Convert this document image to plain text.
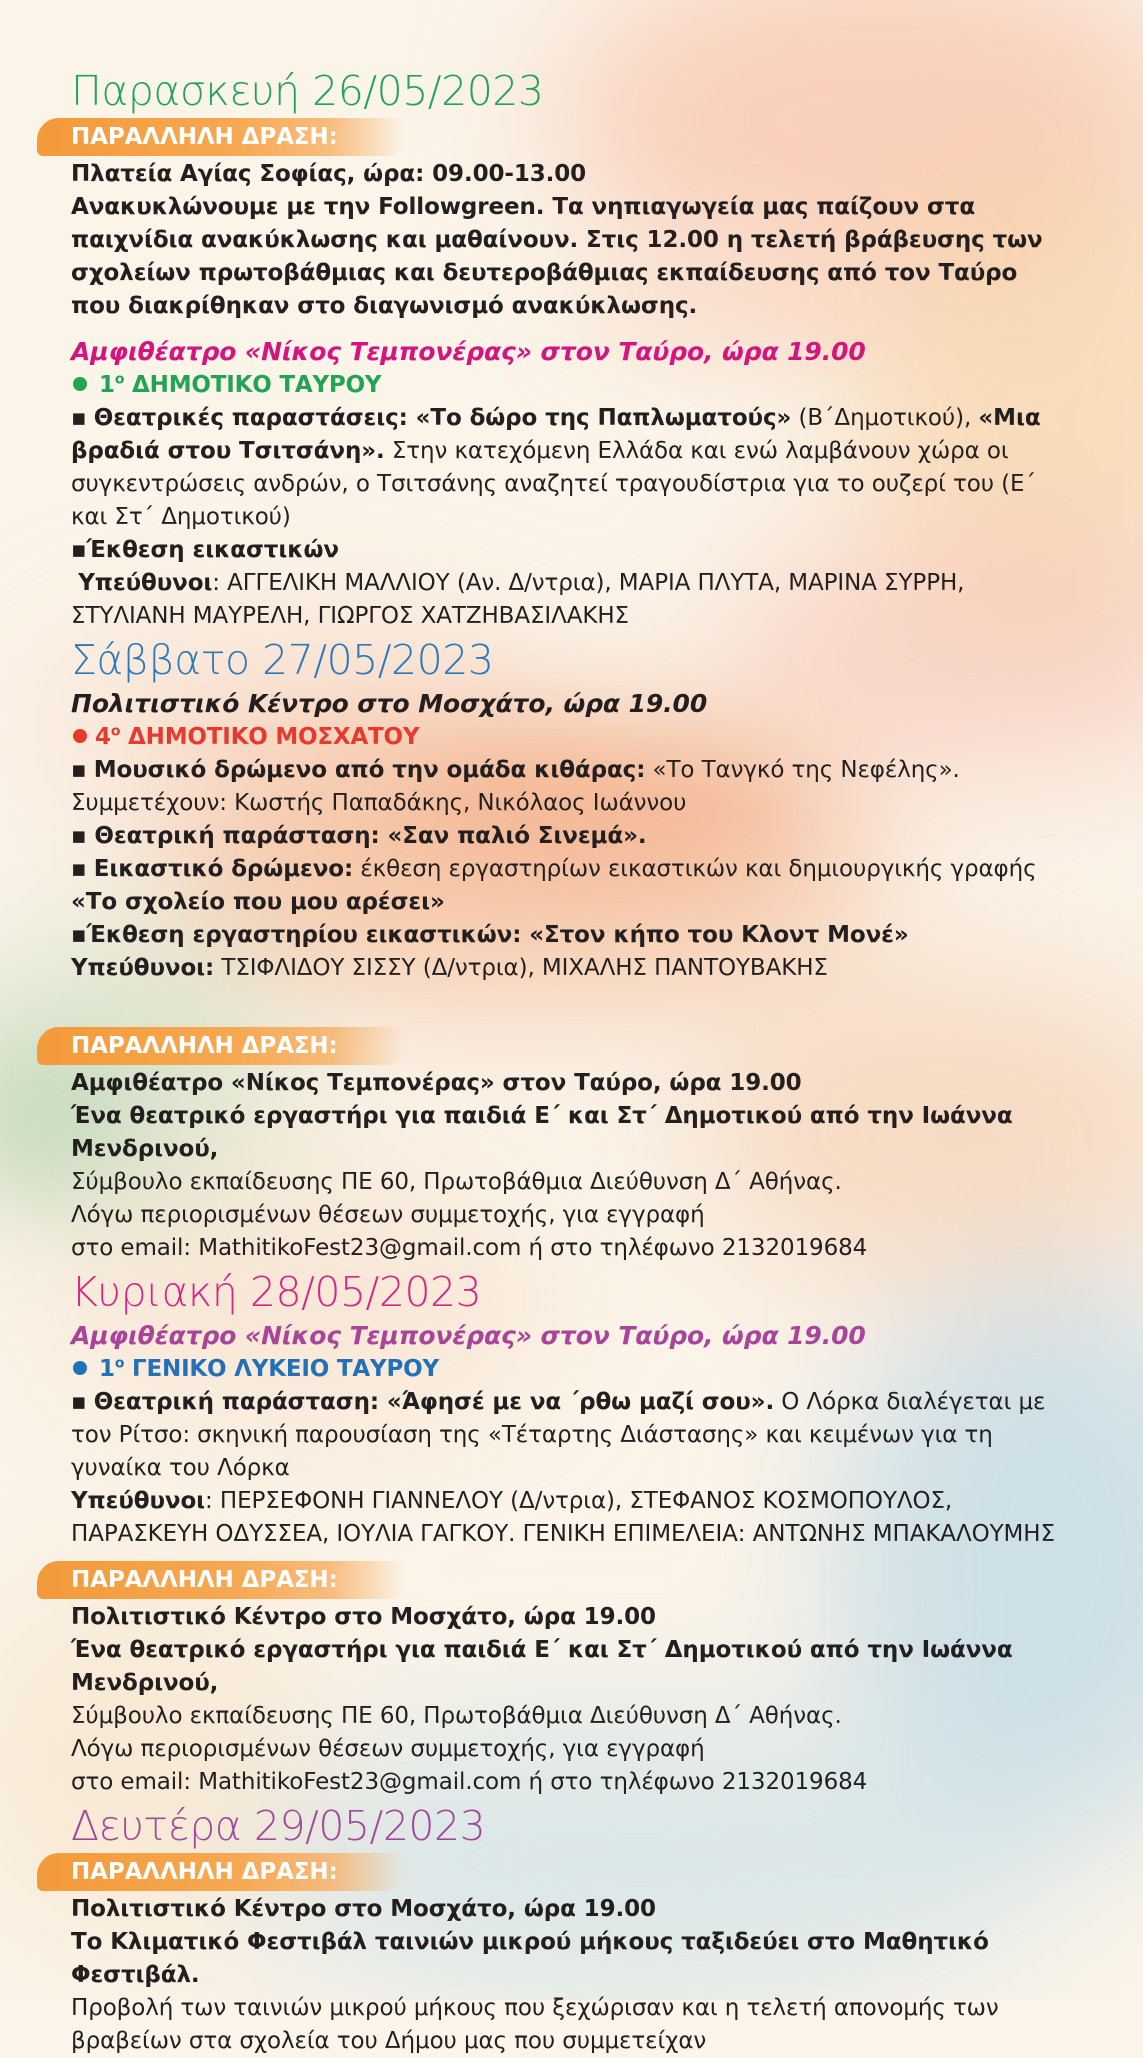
Παρασκευή 26/05/2023
ΠΑΡΑΛΛΗΛΗ ΔΡΑΣΗ:

Πλατεία Αγίας Σοφίας, ώρα: 09.00-13.00

Ανακυκλώνουμε με την Followgreen. Τα νηπιαγωγεία μας παίζουν στα παιχνίδια ανακύκλωσης και μαθαίνουν. Στις 12.00 η τελετή βράβευσης των σχολείων πρωτοβάθμιας και δευτεροβάθμιας εκπαίδευσης από τον Ταύρο που διακρίθηκαν στο διαγωνισμό ανακύκλωσης.

Αμφιθέατρο «Νίκος Τεμπονέρας» στον Ταύρο, ώρα 19.00
$1^o$ ΔΗΜΟΤΙΚΟ ΤΑΥΡΟΥ

▪ Θεατρικές παραστάσεις: «Το δώρο της Παπλωματούς» (Β΄Δημοτικού), «Μια βραδιά στου Τσιτσάνη». Στην κατεχόμενη Ελλάδα και ενώ λαμβάνουν χώρα οι συγκεντρώσεις ανδρών, ο Τσιτσάνης αναζητεί τραγουδίστρια για το ουζερί του (Ε΄ και Στ΄ Δημοτικού)

▪Έκθεση εικαστικών

Υπεύθυνοι: ΑΓΓΕΛΙΚΗ ΜΑΛΛΙΟΥ (Αν. Δ/ντρια), ΜΑΡΙΑ ΠΛΥΤΑ, ΜΑΡΙΝΑ ΣΥΡΡΗ, ΣΤΥΛΙΑΝΗ ΜΑΥΡΕΛΗ, ΓΙΩΡΓΟΣ ΧΑΤΖΗΒΑΣΙΛΑΚΗΣ

Σάββατο 27/05/2023
Πολιτιστικό Κέντρο στο Μοσχάτο, ώρα 19.00
$4^o$ ΔΗΜΟΤΙΚΟ ΜΟΣΧΑΤΟΥ

▪ Μουσικό δρώμενο από την ομάδα κιθάρας: «Το Τανγκό της Νεφέλης».

Συμμετέχουν: Κωστής Παπαδάκης, Νικόλαος Ιωάννου

▪ Θεατρική παράσταση: «Σαν παλιό Σινεμά».

▪ Εικαστικό δρώμενο: έκθεση εργαστηρίων εικαστικών και δημιουργικής γραφής

«Το σχολείο που μου αρέσει»

▪Έκθεση εργαστηρίου εικαστικών: «Στον κήπο του Κλοντ Μονέ»

Υπεύθυνοι: ΤΣΙΦΛΙΔΟΥ ΣΙΣΣΥ (Δ/ντρια), ΜΙΧΑΛΗΣ ΠΑΝΤΟΥΒΑΚΗΣ

ΠΑΡΑΛΛΗΛΗ ΔΡΑΣΗ:

Αμφιθέατρο «Νίκος Τεμπονέρας» στον Ταύρο, ώρα 19.00

Ένα θεατρικό εργαστήρι για παιδιά Ε΄ και Στ΄ Δημοτικού από την Ιωάννα Μενδρινού,

Σύμβουλο εκπαίδευσης ΠΕ 60, Πρωτοβάθμια Διεύθυνση Δ΄ Αθήνας.

Λόγω περιορισμένων θέσεων συμμετοχής, για εγγραφή

στο email: MathitikoFest23@gmail.com ή στο τηλέφωνο 2132019684

Κυριακή 28/05/2023
Αμφιθέατρο «Νίκος Τεμπονέρας» στον Ταύρο, ώρα 19.00
$1^o$ ΓΕΝΙΚΟ ΛΥΚΕΙΟ ΤΑΥΡΟΥ

▪ Θεατρική παράσταση: «Άφησέ με να ΄ρθω μαζί σου». Ο Λόρκα διαλέγεται με τον Ρίτσο: σκηνική παρουσίαση της «Τέταρτης Διάστασης» και κειμένων για τη γυναίκα του Λόρκα

Υπεύθυνοι: ΠΕΡΣΕΦΟΝΗ ΓΙΑΝΝΕΛΟΥ (Δ/ντρια), ΣΤΕΦΑΝΟΣ ΚΟΣΜΟΠΟΥΛΟΣ, ΠΑΡΑΣΚΕΥΗ ΟΔΥΣΣΕΑ, ΙΟΥΛΙΑ ΓΑΓΚΟΥ. ΓΕΝΙΚΗ ΕΠΙΜΕΛΕΙΑ: ΑΝΤΩΝΗΣ ΜΠΑΚΑΛΟΥΜΗΣ

ΠΑΡΑΛΛΗΛΗ ΔΡΑΣΗ:

Πολιτιστικό Κέντρο στο Μοσχάτο, ώρα 19.00

Ένα θεατρικό εργαστήρι για παιδιά Ε΄ και Στ΄ Δημοτικού από την Ιωάννα Μενδρινού,

Σύμβουλο εκπαίδευσης ΠΕ 60, Πρωτοβάθμια Διεύθυνση Δ΄ Αθήνας.

Λόγω περιορισμένων θέσεων συμμετοχής, για εγγραφή

στο email: MathitikoFest23@gmail.com ή στο τηλέφωνο 2132019684

Δευτέρα 29/05/2023
ΠΑΡΑΛΛΗΛΗ ΔΡΑΣΗ:

Πολιτιστικό Κέντρο στο Μοσχάτο, ώρα 19.00

Το Κλιματικό Φεστιβάλ ταινιών μικρού μήκους ταξιδεύει στο Μαθητικό Φεστιβάλ.

Προβολή των ταινιών μικρού μήκους που ξεχώρισαν και η τελετή απονομής των βραβείων στα σχολεία του Δήμου μας που συμμετείχαν
